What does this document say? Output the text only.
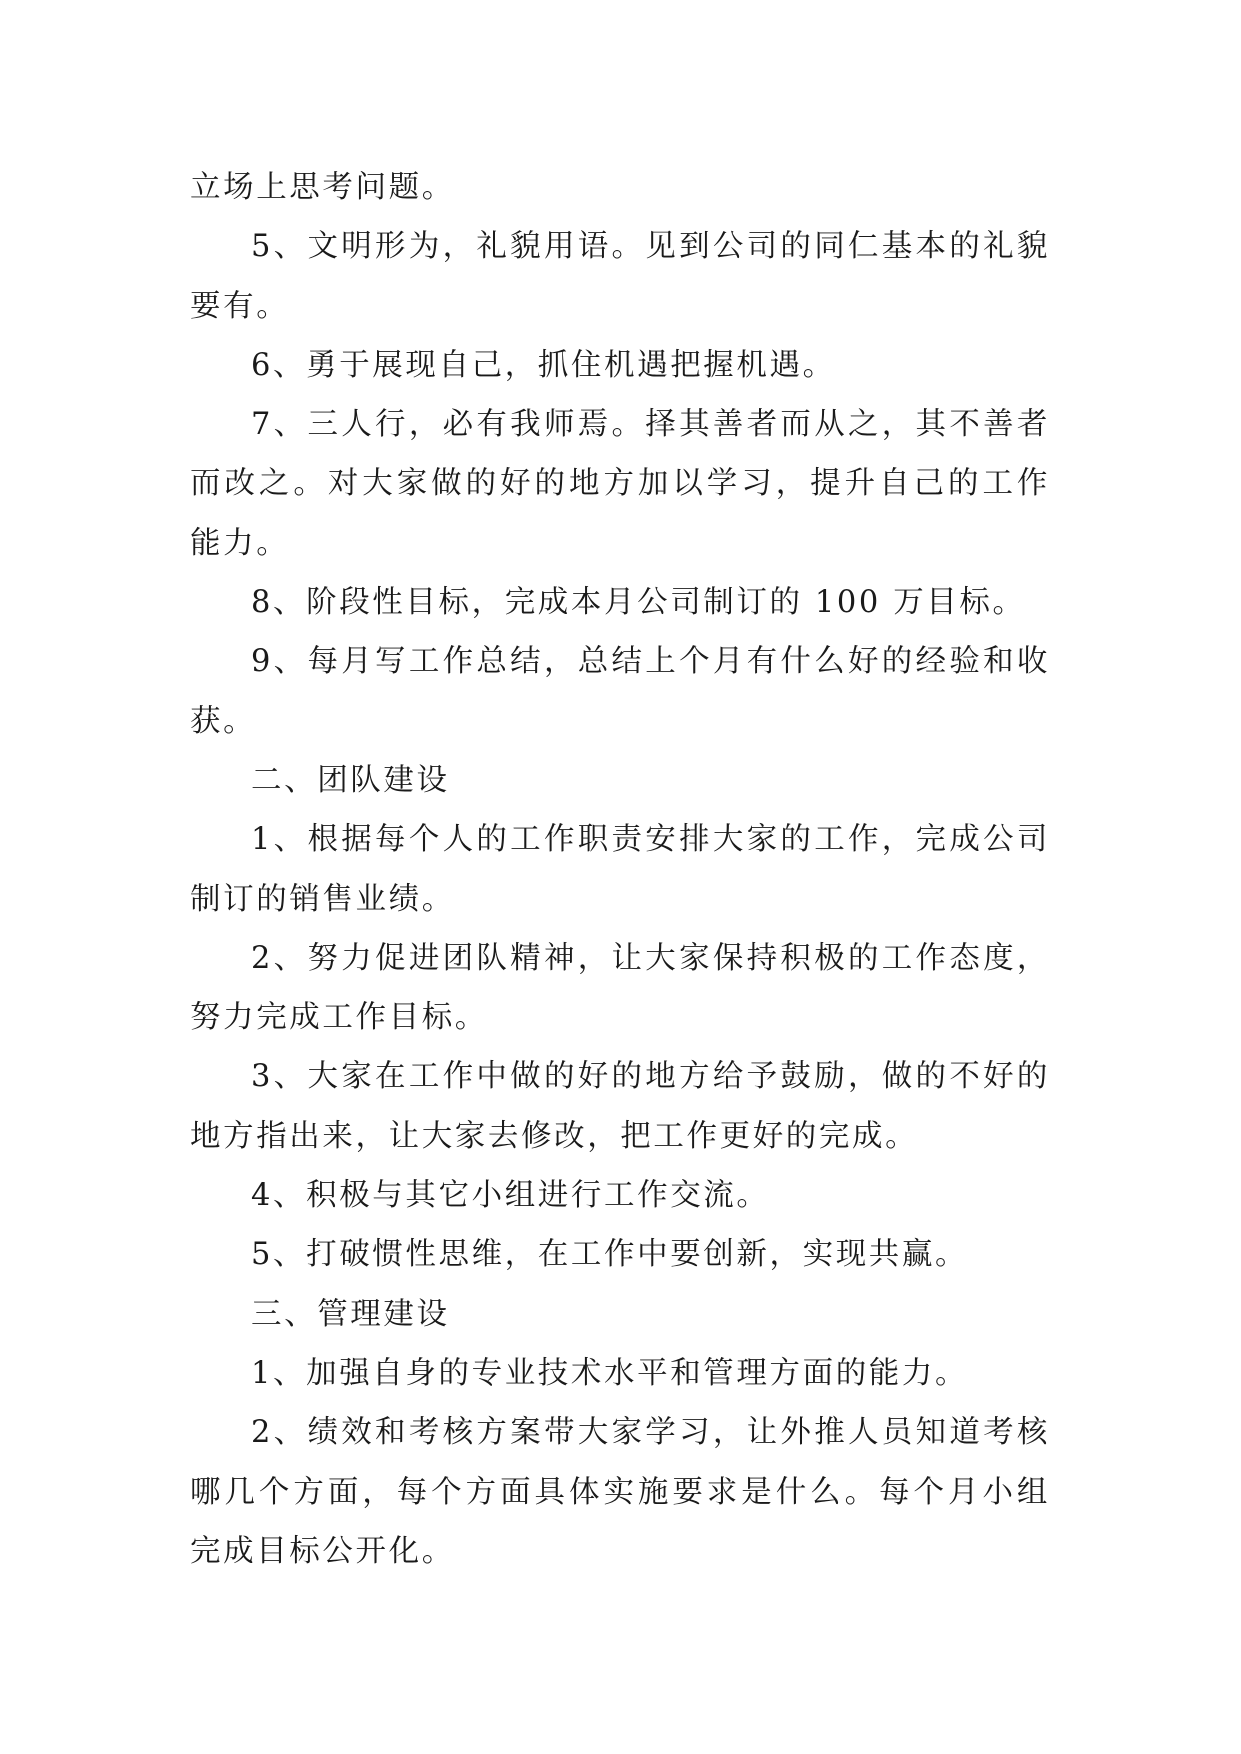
立场上思考问题。

5、文明形为，礼貌用语。见到公司的同仁基本的礼貌要有。

6、勇于展现自己，抓住机遇把握机遇。

7、三人行，必有我师焉。择其善者而从之，其不善者而改之。对大家做的好的地方加以学习，提升自己的工作能力。

8、阶段性目标，完成本月公司制订的 100 万目标。

9、每月写工作总结，总结上个月有什么好的经验和收获。

二、团队建设

1、根据每个人的工作职责安排大家的工作，完成公司制订的销售业绩。

2、努力促进团队精神，让大家保持积极的工作态度，努力完成工作目标。

3、大家在工作中做的好的地方给予鼓励，做的不好的地方指出来，让大家去修改，把工作更好的完成。

4、积极与其它小组进行工作交流。

5、打破惯性思维，在工作中要创新，实现共赢。

三、管理建设

1、加强自身的专业技术水平和管理方面的能力。

2、绩效和考核方案带大家学习，让外推人员知道考核哪几个方面，每个方面具体实施要求是什么。每个月小组完成目标公开化。
